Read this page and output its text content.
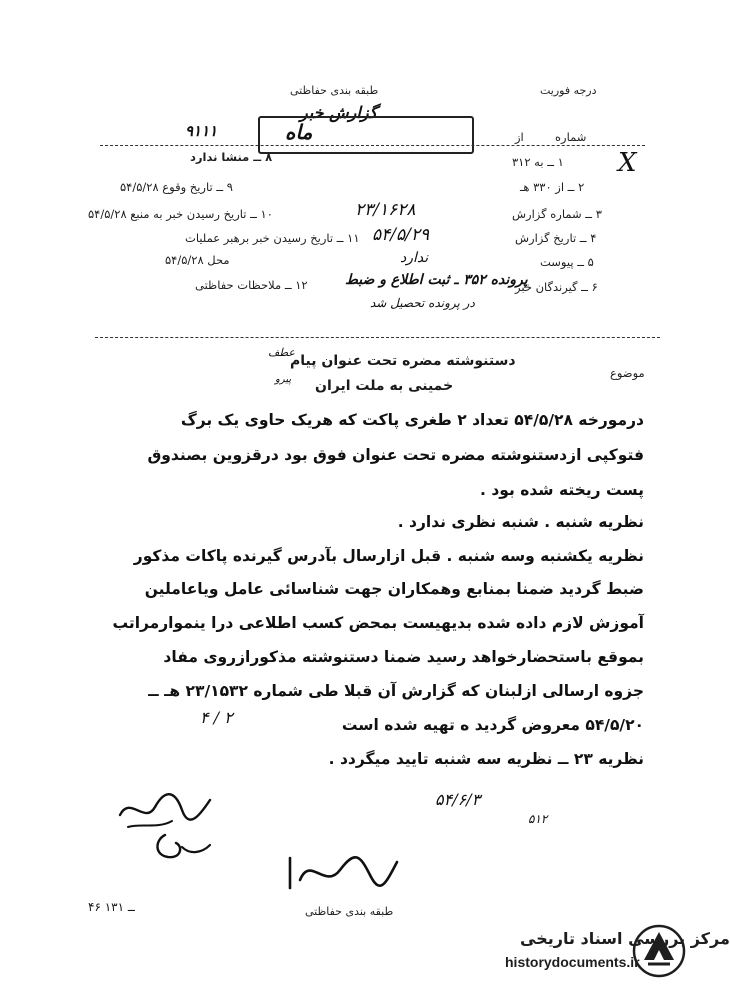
طبقه بندی حفاظتی	درجه فوریت
گزارش خبر
۹۱۱۱	شماره
از
ماه
X
۸ ــ منشا ندارد
۹ ــ تاریخ وقوع ۵۴/۵/۲۸
۱۰ ــ تاریخ رسیدن خبر به منبع ۵۴/۵/۲۸
۱۱ ــ تاریخ رسیدن خبر برهبر عملیات
محل ۵۴/۵/۲۸
۱۲ ــ ملاحظات حفاظتی
۱ ــ به ۳۱۲
۲ ــ از ۳۳۰ هـ
۳ ــ شماره گزارش
۲۳/۱۶۲۸
۴ ــ تاریخ گزارش
۵۴/۵/۲۹
۵ ــ پیوست
ندارد
۶ ــ گیرندگان خبر
پرونده ۳۵۲ ـ ثبت اطلاع و ضبط
در پرونده تحصیل شد
موضوع
دستنوشته مضره تحت عنوان پیام
عطف
پیرو خمینی به ملت ایران
درمورخه ۵۴/۵/۲۸ تعداد ۲ طغری پاکت که هریک حاوی یک برگ
فتوکپی ازدستنوشته مضره تحت عنوان فوق بود درقزوین بصندوق
پست ریخته شده بود .
نظریه شنبه . شنبه نظری ندارد .
نظریه یکشنبه وسه شنبه . قبل ازارسال بآدرس گیرنده پاکات مذکور
ضبط گردید ضمنا بمنابع وهمکاران جهت شناسائی عامل ویاعاملین
آموزش لازم داده شده بدیهیست بمحض کسب اطلاعی درا ینموارمراتب
بموقع باستحضارخواهد رسید ضمنا دستنوشته مذکورازروی مفاد
جزوه ارسالی ازلبنان که گزارش آن قبلا طی شماره ۲۳/۱۵۳۲ هـ ــ
۵۴/۵/۲۰ معروض گردید ه تهیه شده است
۴ / ۲
نظریه ۲۳ ــ نظریه سه شنبه تایید میگردد .
۵۴/۶/۳
۵۱۲
۴۶ ــ ۱۳۱	طبقه بندی حفاظتی
مرکز بررسی اسناد تاریخی
historydocuments.ir
